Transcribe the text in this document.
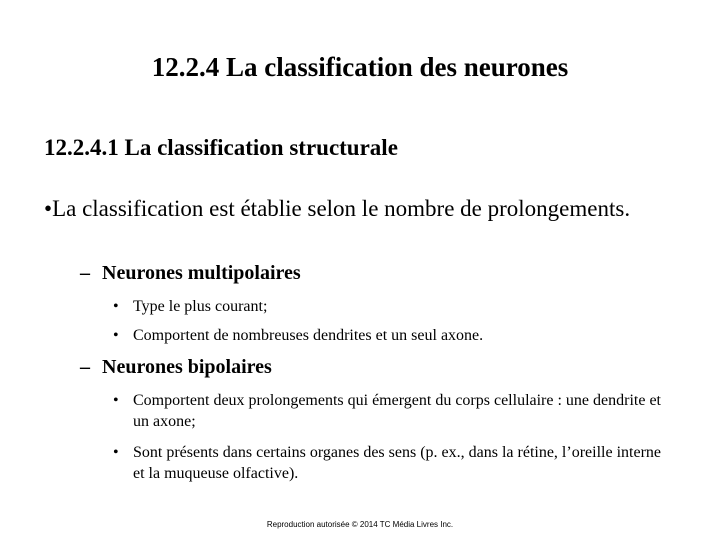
12.2.4 La classification des neurones
12.2.4.1 La classification structurale
•La classification est établie selon le nombre de prolongements.
– Neurones multipolaires
• Type le plus courant;
• Comportent de nombreuses dendrites et un seul axone.
– Neurones bipolaires
• Comportent deux prolongements qui émergent du corps cellulaire : une dendrite et un axone;
• Sont présents dans certains organes des sens (p. ex., dans la rétine, l’oreille interne et la muqueuse olfactive).
Reproduction autorisée © 2014 TC Média Livres Inc.
